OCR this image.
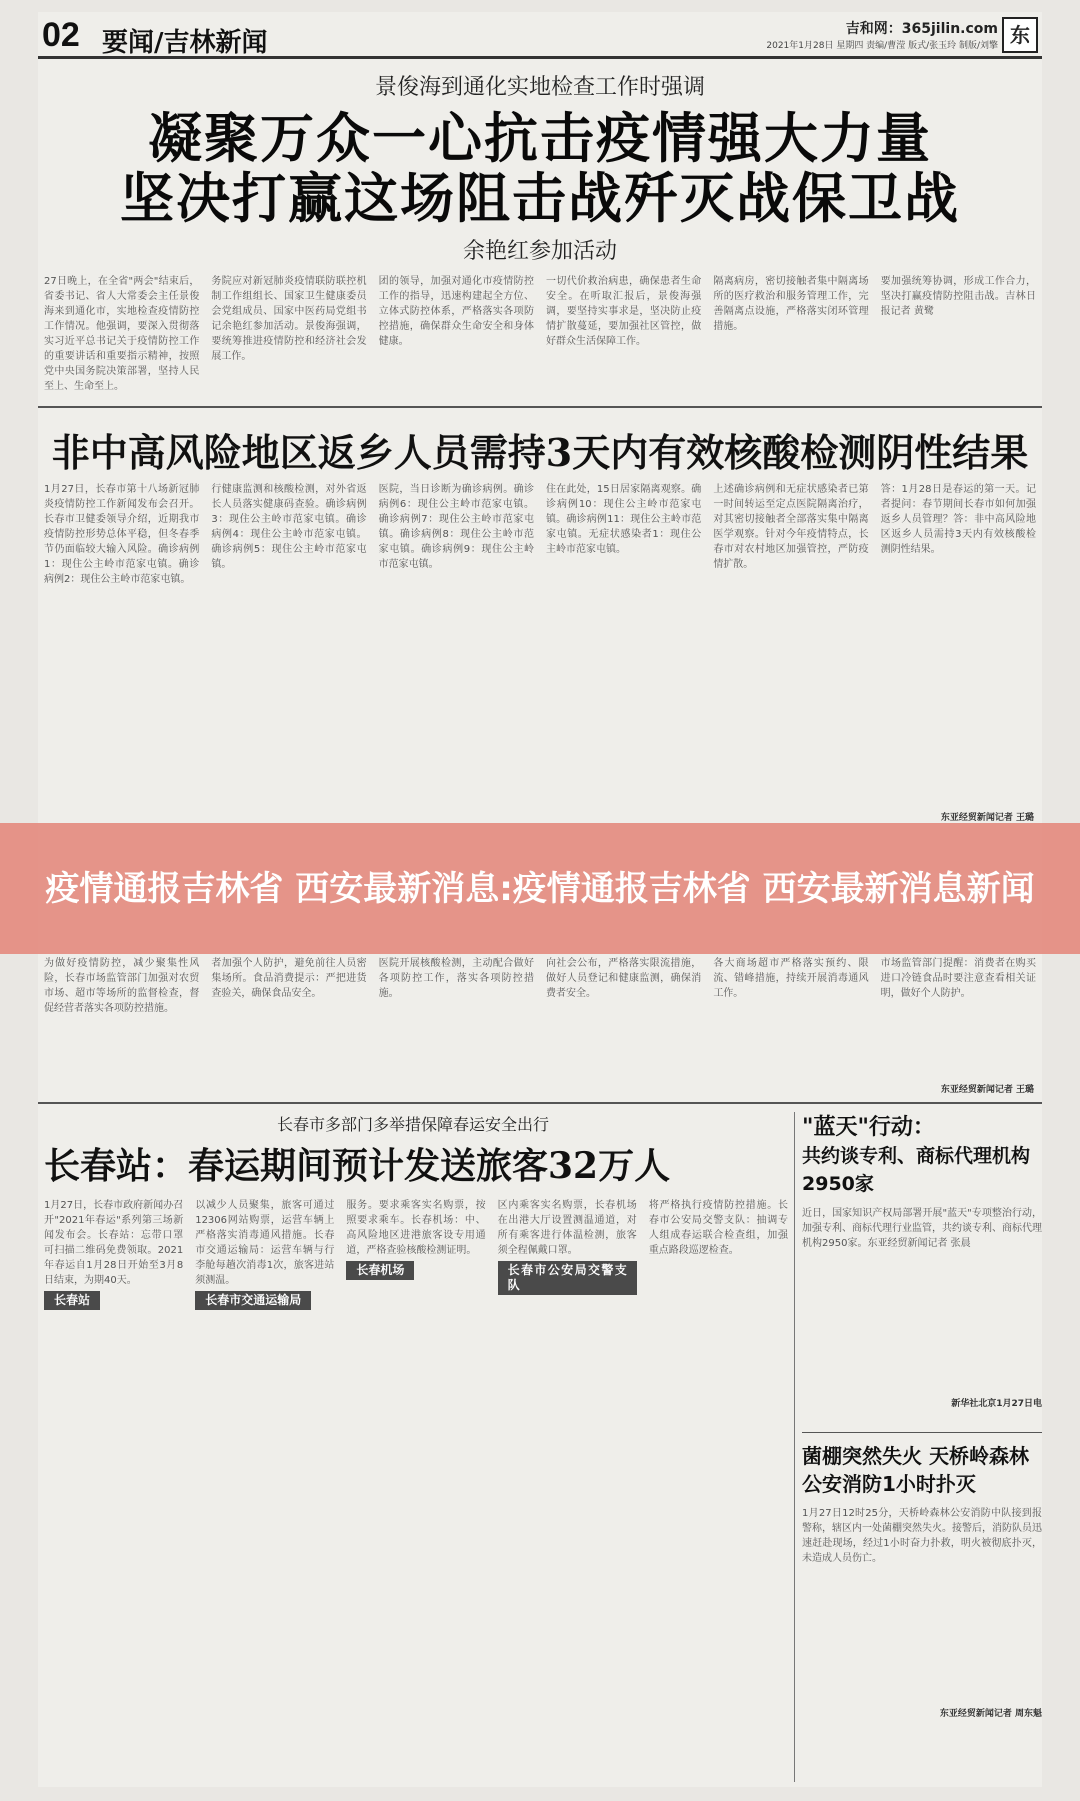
02 要闻/吉林新闻	吉和网：365jilin.com
2021年1月28日 星期四 责编/曹滢 版式/张玉玲 制版/刘擎 东
景俊海到通化实地检查工作时强调
凝聚万众一心抗击疫情强大力量
坚决打赢这场阻击战歼灭战保卫战
余艳红参加活动
27日晚上，在全省"两会"结束后，省委书记、省人大常委会主任景俊海来到通化市，实地检查疫情防控工作情况。他强调，要深入贯彻落实习近平总书记关于疫情防控工作的重要讲话和重要指示精神，按照党中央国务院决策部署，坚持人民至上、生命至上。
务院应对新冠肺炎疫情联防联控机制工作组组长、国家卫生健康委员会党组成员、国家中医药局党组书记余艳红参加活动。景俊海强调，要统筹推进疫情防控和经济社会发展工作。
团的领导，加强对通化市疫情防控工作的指导，迅速构建起全方位、立体式防控体系，严格落实各项防控措施，确保群众生命安全和身体健康。
一切代价救治病患，确保患者生命安全。在听取汇报后，景俊海强调，要坚持实事求是，坚决防止疫情扩散蔓延，要加强社区管控，做好群众生活保障工作。
隔离病房，密切接触者集中隔离场所的医疗救治和服务管理工作，完善隔离点设施，严格落实闭环管理措施。
要加强统筹协调，形成工作合力，坚决打赢疫情防控阻击战。吉林日报记者 黄鹭
非中高风险地区返乡人员需持3天内有效核酸检测阴性结果
1月27日，长春市第十八场新冠肺炎疫情防控工作新闻发布会召开。长春市卫健委领导介绍，近期我市疫情防控形势总体平稳，但冬春季节仍面临较大输入风险。确诊病例1：现住公主岭市范家屯镇。确诊病例2：现住公主岭市范家屯镇。
行健康监测和核酸检测，对外省返长人员落实健康码查验。确诊病例3：现住公主岭市范家屯镇。确诊病例4：现住公主岭市范家屯镇。确诊病例5：现住公主岭市范家屯镇。
医院，当日诊断为确诊病例。确诊病例6：现住公主岭市范家屯镇。确诊病例7：现住公主岭市范家屯镇。确诊病例8：现住公主岭市范家屯镇。确诊病例9：现住公主岭市范家屯镇。
住在此处，15日居家隔离观察。确诊病例10：现住公主岭市范家屯镇。确诊病例11：现住公主岭市范家屯镇。无症状感染者1：现住公主岭市范家屯镇。
上述确诊病例和无症状感染者已第一时间转运至定点医院隔离治疗，对其密切接触者全部落实集中隔离医学观察。针对今年疫情特点，长春市对农村地区加强管控，严防疫情扩散。
答：1月28日是春运的第一天。记者提问：春节期间长春市如何加强返乡人员管理？答：非中高风险地区返乡人员需持3天内有效核酸检测阴性结果。
东亚经贸新闻记者 王璐
为做好疫情防控，减少聚集性风险，长春市场监管部门加强对农贸市场、超市等场所的监督检查，督促经营者落实各项防控措施。
者加强个人防护，避免前往人员密集场所。食品消费提示：严把进货查验关，确保食品安全。
医院开展核酸检测，主动配合做好各项防控工作，落实各项防控措施。
向社会公布，严格落实限流措施，做好人员登记和健康监测，确保消费者安全。
各大商场超市严格落实预约、限流、错峰措施，持续开展消毒通风工作。
市场监管部门提醒：消费者在购买进口冷链食品时要注意查看相关证明，做好个人防护。
东亚经贸新闻记者 王璐
长春市多部门多举措保障春运安全出行
长春站：春运期间预计发送旅客32万人
1月27日，长春市政府新闻办召开"2021年春运"系列第三场新闻发布会。长春站：忘带口罩可扫描二维码免费领取。2021年春运自1月28日开始至3月8日结束，为期40天。
长春站
以减少人员聚集，旅客可通过12306网站购票，运营车辆上严格落实消毒通风措施。长春市交通运输局：运营车辆与行李舱每趟次消毒1次，旅客进站须测温。
长春市交通运输局
服务。要求乘客实名购票，按照要求乘车。长春机场：中、高风险地区进港旅客设专用通道，严格查验核酸检测证明。
长春机场
区内乘客实名购票，长春机场在出港大厅设置测温通道，对所有乘客进行体温检测，旅客须全程佩戴口罩。
长春市公安局交警支队
将严格执行疫情防控措施。长春市公安局交警支队：抽调专人组成春运联合检查组，加强重点路段巡逻检查。
"蓝天"行动：
共约谈专利、商标代理机构2950家
近日，国家知识产权局部署开展"蓝天"专项整治行动，加强专利、商标代理行业监管，共约谈专利、商标代理机构2950家。东亚经贸新闻记者 张晨
新华社北京1月27日电
菌棚突然失火 天桥岭森林公安消防1小时扑灭
1月27日12时25分，天桥岭森林公安消防中队接到报警称，辖区内一处菌棚突然失火。接警后，消防队员迅速赶赴现场，经过1小时奋力扑救，明火被彻底扑灭，未造成人员伤亡。
东亚经贸新闻记者 周东魁
疫情通报吉林省 西安最新消息:疫情通报吉林省 西安最新消息新闻
